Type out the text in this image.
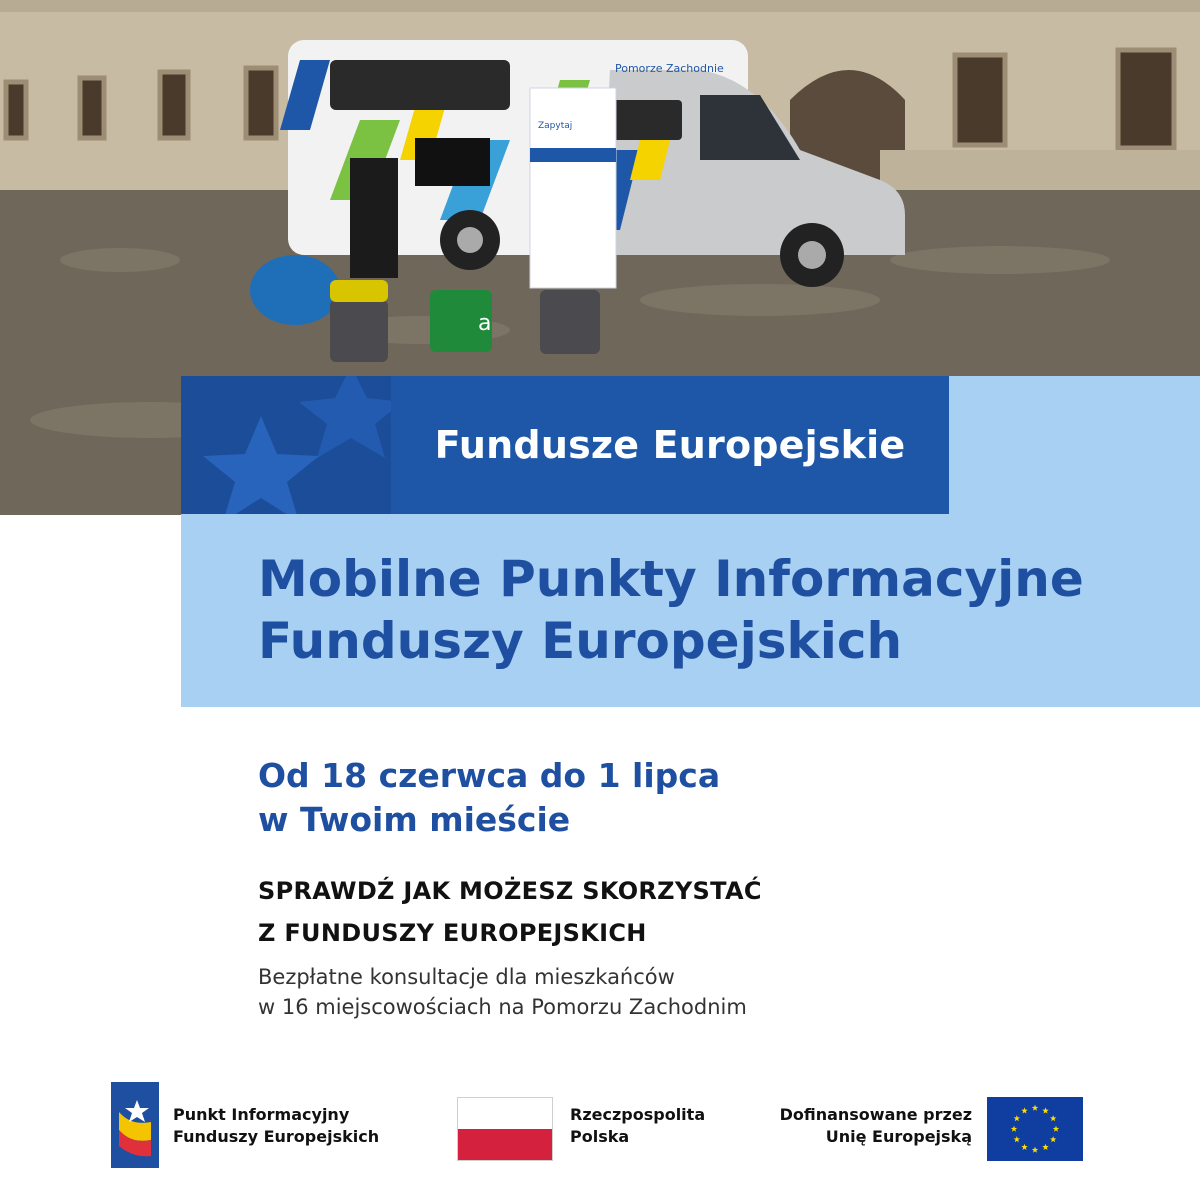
Zapytaj
a
Pomorze Zachodnie
Fundusze Europejskie
Mobilne Punkty Informacyjne
Funduszy Europejskich
Od 18 czerwca do 1 lipca
w Twoim mieście
SPRAWDŹ JAK MOŻESZ SKORZYSTAĆ
Z FUNDUSZY EUROPEJSKICH
Bezpłatne konsultacje dla mieszkańców
w 16 miejscowościach na Pomorzu Zachodnim
Punkt Informacyjny
Funduszy Europejskich
Rzeczpospolita
Polska
Dofinansowane przez
Unię Europejską
